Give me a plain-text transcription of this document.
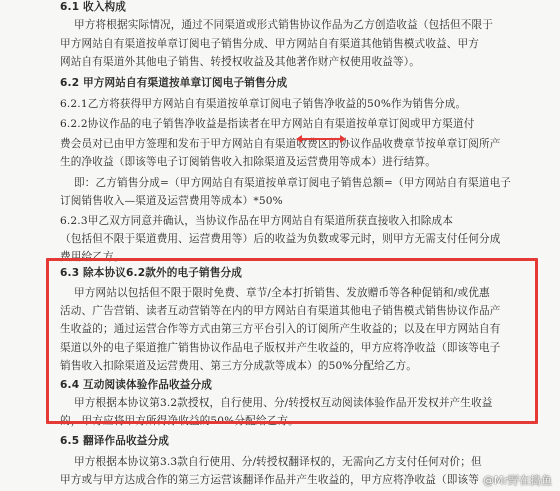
6.1 收入构成
甲方将根据实际情况，通过不同渠道或形式销售协议作品为乙方创造收益（包括但不限于
甲方网站自有渠道按单章订阅电子销售分成、甲方网站自有渠道其他销售模式收益、甲方
网站自有渠道外其他电子销售、转授权收益及其他著作财产权使用收益等）。
6.2 甲方网站自有渠道按单章订阅电子销售分成
6.2.1乙方将获得甲方网站自有渠道按单章订阅电子销售净收益的50%作为销售分成。
6.2.2协议作品的电子销售净收益是指读者在甲方网站自有渠道按单章订阅或甲方渠道付
费会员对已由甲方签理和发布于甲方网站自有渠道收费区的协议作品收费章节按单章订阅所产
生的净收益（即该等电子订阅销售收入扣除渠道及运营费用等成本）进行结算。
即：乙方销售分成=（甲方网站自有渠道按单章订阅电子销售总额=（甲方网站自有渠道电子
订阅销售收入—渠道及运营费用等成本）*50%
6.2.3甲乙双方同意并确认，当协议作品在甲方网站自有渠道所获直接收入扣除成本
（包括但不限于渠道费用、运营费用等）后的收益为负数或零元时，则甲方无需支付任何分成
费用给乙方。
6.3 除本协议6.2款外的电子销售分成
甲方网站以包括但不限于限时免费、章节/全本打折销售、发放赠币等各种促销和/或优惠
活动、广告营销、读者互动营销等在内的甲方网站自有渠道其他电子销售模式销售协议作品产
生收益的；通过运营合作等方式由第三方平台引入的订阅所产生收益的；以及在甲方网站自有
渠道以外的电子渠道推广销售协议作品电子版权并产生收益的，甲方应将净收益（即该等电子
销售收入扣除渠道及运营费用、第三方分成款等成本）的50%分配给乙方。
6.4 互动阅读体验作品收益分成
甲方根据本协议第3.2款授权，自行使用、分/转授权互动阅读体验作品开发权并产生收益
的，甲方应将甲方所得净收益的50%分配给乙方。
6.5 翻译作品收益分成
甲方根据本协议第3.3款自行使用、分/转授权翻译权的，无需向乙方支付任何对价；但
甲方或与甲方达成合作的第三方运营该翻译作品并产生收益的，甲方应将净收益（即该等 @Mr野在捣鱼
